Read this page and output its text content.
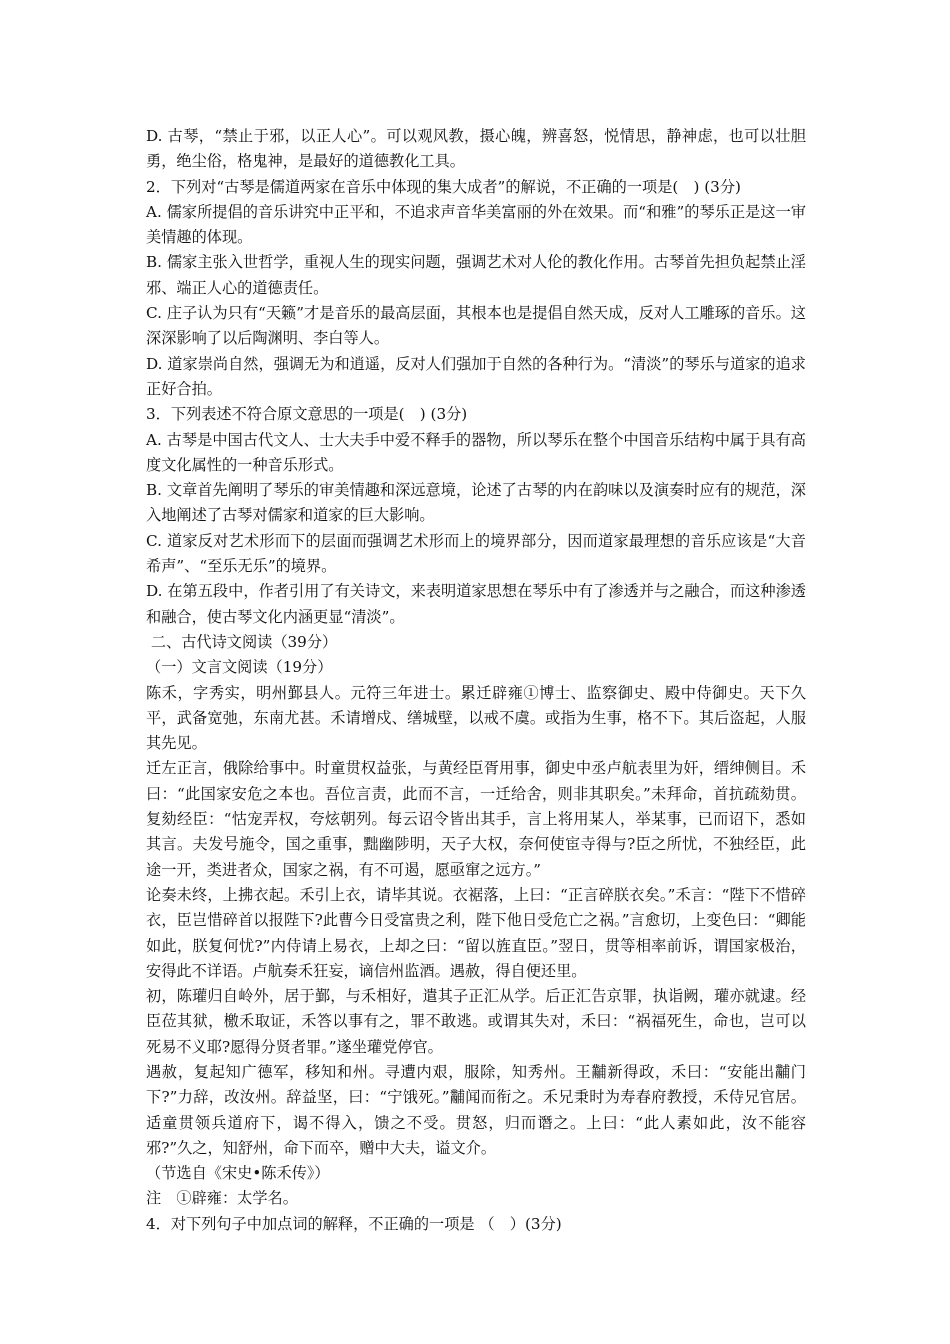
D. 古琴，“禁止于邪，以正人心”。可以观风教，摄心魄，辨喜怒，悦情思，静神虑，也可以壮胆勇，绝尘俗，格鬼神，是最好的道德教化工具。

2．下列对“古琴是儒道两家在音乐中体现的集大成者”的解说，不正确的一项是(　) (3分)

A. 儒家所提倡的音乐讲究中正平和，不追求声音华美富丽的外在效果。而“和雅”的琴乐正是这一审美情趣的体现。

B. 儒家主张入世哲学，重视人生的现实问题，强调艺术对人伦的教化作用。古琴首先担负起禁止淫邪、端正人心的道德责任。

C. 庄子认为只有“天籁”才是音乐的最高层面，其根本也是提倡自然天成，反对人工雕琢的音乐。这深深影响了以后陶渊明、李白等人。

D. 道家崇尚自然，强调无为和逍遥，反对人们强加于自然的各种行为。“清淡”的琴乐与道家的追求正好合拍。

3．下列表述不符合原文意思的一项是(　) (3分)

A. 古琴是中国古代文人、士大夫手中爱不释手的器物，所以琴乐在整个中国音乐结构中属于具有高度文化属性的一种音乐形式。

B. 文章首先阐明了琴乐的审美情趣和深远意境，论述了古琴的内在韵味以及演奏时应有的规范，深入地阐述了古琴对儒家和道家的巨大影响。

C. 道家反对艺术形而下的层面而强调艺术形而上的境界部分，因而道家最理想的音乐应该是“大音希声”、“至乐无乐”的境界。

D. 在第五段中，作者引用了有关诗文，来表明道家思想在琴乐中有了渗透并与之融合，而这种渗透和融合，使古琴文化内涵更显“清淡”。

二、古代诗文阅读（39分）

（一）文言文阅读（19分）

陈禾，字秀实，明州鄞县人。元符三年进士。累迁辟雍①博士、监察御史、殿中侍御史。天下久平，武备宽弛，东南尤甚。禾请增戍、缮城壁，以戒不虞。或指为生事，格不下。其后盗起，人服其先见。

迁左正言，俄除给事中。时童贯权益张，与黄经臣胥用事，御史中丞卢航表里为奸，缙绅侧目。禾曰：“此国家安危之本也。吾位言责，此而不言，一迁给舍，则非其职矣。”未拜命，首抗疏劾贯。复劾经臣：“怙宠弄权，夸炫朝列。每云诏令皆出其手，言上将用某人，举某事，已而诏下，悉如其言。夫发号施令，国之重事，黜幽陟明，天子大权，奈何使宦寺得与?臣之所忧，不独经臣，此途一开，类进者众，国家之祸，有不可遏，愿亟窜之远方。”

论奏未终，上拂衣起。禾引上衣，请毕其说。衣裾落，上曰：“正言碎朕衣矣。”禾言：“陛下不惜碎衣，臣岂惜碎首以报陛下?此曹今日受富贵之利，陛下他日受危亡之祸。”言愈切，上变色曰：“卿能如此，朕复何忧?”内侍请上易衣，上却之曰：“留以旌直臣。”翌日，贯等相率前诉，谓国家极治，安得此不详语。卢航奏禾狂妄，谪信州监酒。遇赦，得自便还里。

初，陈瓘归自岭外，居于鄞，与禾相好，遣其子正汇从学。后正汇告京罪，执诣阙，瓘亦就逮。经臣莅其狱，檄禾取证，禾答以事有之，罪不敢逃。或谓其失对，禾曰：“祸福死生，命也，岂可以死易不义耶?愿得分贤者罪。”遂坐瓘党停官。

遇赦，复起知广德军，移知和州。寻遭内艰，服除，知秀州。王黼新得政，禾曰：“安能出黼门下?”力辞，改汝州。辞益坚，曰：“宁饿死。”黼闻而衔之。禾兄秉时为寿春府教授，禾侍兄官居。适童贯领兵道府下，谒不得入，馈之不受。贯怒，归而谮之。上曰：“此人素如此，汝不能容邪?”久之，知舒州，命下而卒，赠中大夫，谥文介。

（节选自《宋史•陈禾传》）

注　①辟雍：太学名。

4．对下列句子中加点词的解释，不正确的一项是 （　）(3分)
